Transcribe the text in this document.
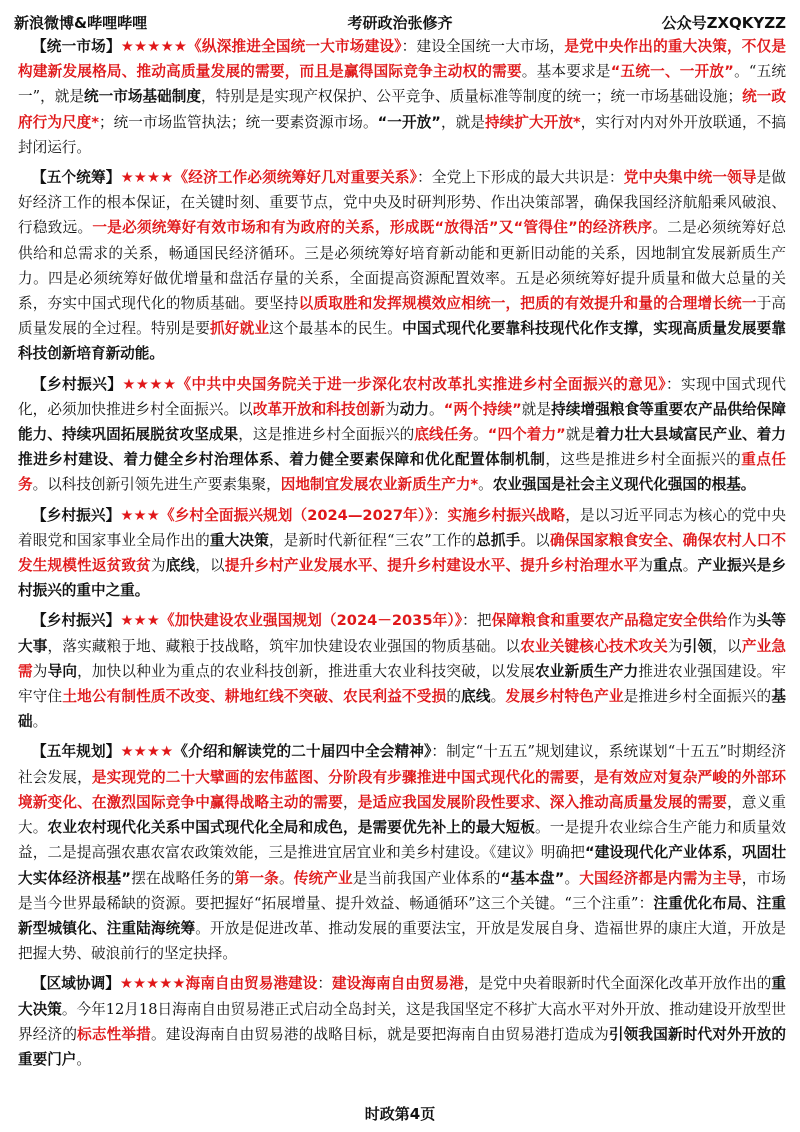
新浪微博&哔哩哔哩	考研政治张修齐	公众号ZXQKYZZ

【统一市场】★★★★★《纵深推进全国统一大市场建设》：建设全国统一大市场，是党中央作出的重大决策，不仅是构建新发展格局、推动高质量发展的需要，而且是赢得国际竞争主动权的需要。基本要求是“五统一、一开放”。“五统一”，就是统一市场基础制度，特别是是实现产权保护、公平竞争、质量标准等制度的统一；统一市场基础设施；统一政府行为尺度*；统一市场监管执法；统一要素资源市场。“一开放”，就是持续扩大开放*，实行对内对外开放联通，不搞封闭运行。

【五个统筹】★★★★《经济工作必须统筹好几对重要关系》：全党上下形成的最大共识是：党中央集中统一领导是做好经济工作的根本保证，在关键时刻、重要节点，党中央及时研判形势、作出决策部署，确保我国经济航船乘风破浪、行稳致远。一是必须统筹好有效市场和有为政府的关系，形成既“放得活”又“管得住”的经济秩序。二是必须统筹好总供给和总需求的关系，畅通国民经济循环。三是必须统筹好培育新动能和更新旧动能的关系，因地制宜发展新质生产力。四是必须统筹好做优增量和盘活存量的关系，全面提高资源配置效率。五是必须统筹好提升质量和做大总量的关系，夯实中国式现代化的物质基础。要坚持以质取胜和发挥规模效应相统一，把质的有效提升和量的合理增长统一于高质量发展的全过程。特别是要抓好就业这个最基本的民生。中国式现代化要靠科技现代化作支撑，实现高质量发展要靠科技创新培育新动能。

【乡村振兴】★★★★《中共中央国务院关于进一步深化农村改革扎实推进乡村全面振兴的意见》：实现中国式现代化，必须加快推进乡村全面振兴。以改革开放和科技创新为动力。“两个持续”就是持续增强粮食等重要农产品供给保障能力、持续巩固拓展脱贫攻坚成果，这是推进乡村全面振兴的底线任务。“四个着力”就是着力壮大县域富民产业、着力推进乡村建设、着力健全乡村治理体系、着力健全要素保障和优化配置体制机制，这些是推进乡村全面振兴的重点任务。以科技创新引领先进生产要素集聚，因地制宜发展农业新质生产力*。农业强国是社会主义现代化强国的根基。

【乡村振兴】★★★《乡村全面振兴规划（2024—2027年）》：实施乡村振兴战略，是以习近平同志为核心的党中央着眼党和国家事业全局作出的重大决策，是新时代新征程“三农”工作的总抓手。以确保国家粮食安全、确保农村人口不发生规模性返贫致贫为底线，以提升乡村产业发展水平、提升乡村建设水平、提升乡村治理水平为重点。产业振兴是乡村振兴的重中之重。

【乡村振兴】★★★《加快建设农业强国规划（2024－2035年）》：把保障粮食和重要农产品稳定安全供给作为头等大事，落实藏粮于地、藏粮于技战略，筑牢加快建设农业强国的物质基础。以农业关键核心技术攻关为引领，以产业急需为导向，加快以种业为重点的农业科技创新，推进重大农业科技突破，以发展农业新质生产力推进农业强国建设。牢牢守住土地公有制性质不改变、耕地红线不突破、农民利益不受损的底线。发展乡村特色产业是推进乡村全面振兴的基础。

【五年规划】★★★★《介绍和解读党的二十届四中全会精神》：制定“十五五”规划建议，系统谋划“十五五”时期经济社会发展，是实现党的二十大擘画的宏伟蓝图、分阶段有步骤推进中国式现代化的需要，是有效应对复杂严峻的外部环境新变化、在激烈国际竞争中赢得战略主动的需要，是适应我国发展阶段性要求、深入推动高质量发展的需要，意义重大。农业农村现代化关系中国式现代化全局和成色，是需要优先补上的最大短板。一是提升农业综合生产能力和质量效益，二是提高强农惠农富农政策效能，三是推进宜居宜业和美乡村建设。《建议》明确把“建设现代化产业体系，巩固壮大实体经济根基”摆在战略任务的第一条。传统产业是当前我国产业体系的“基本盘”。大国经济都是内需为主导，市场是当今世界最稀缺的资源。要把握好“拓展增量、提升效益、畅通循环”这三个关键。“三个注重”：注重优化布局、注重新型城镇化、注重陆海统筹。开放是促进改革、推动发展的重要法宝，开放是发展自身、造福世界的康庄大道，开放是把握大势、破浪前行的坚定抉择。

【区域协调】★★★★★海南自由贸易港建设：建设海南自由贸易港，是党中央着眼新时代全面深化改革开放作出的重大决策。今年12月18日海南自由贸易港正式启动全岛封关，这是我国坚定不移扩大高水平对外开放、推动建设开放型世界经济的标志性举措。建设海南自由贸易港的战略目标，就是要把海南自由贸易港打造成为引领我国新时代对外开放的重要门户。

时政第4页
